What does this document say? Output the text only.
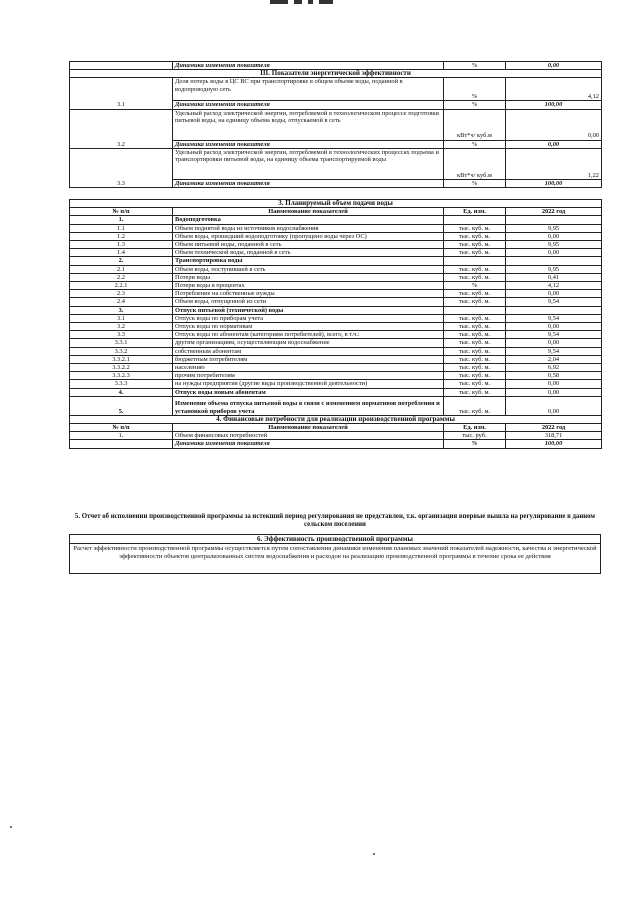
	Динамика изменения показателя	%	0,00
III. Показатели энергетической эффективности			
3.1	Доля потерь воды в ЦС ВС при транспортировке в общем объеме воды, поданной в водопроводную сеть	%	4,12
	Динамика изменения показателя	%	100,00
3.2	Удельный расход электрической энергии, потребляемой в технологическом процессе подготовки питьевой воды, на единицу объема воды, отпускаемой в сеть	кВт*ч/ куб.м	0,00
	Динамика изменения показателя	%	0,00
3.3	Удельный расход электрической энергии, потребляемой в технологических процессах подъема и транспортировки питьевой воды, на единицу объема транспортируемой воды	кВт*ч/ куб.м	1,22
	Динамика изменения показателя	%	100,00
3. Планируемый объем подачи воды			
№ п/п	Наименование показателей	Ед. изм.	2022 год
1.	Водоподготовка		
1.1	Объем поднятой воды из источников водоснабжения	тыс. куб. м.	9,95
1.2	Объем воды, прошедший водоподготовку (пропущено воды через ОС)	тыс. куб. м.	0,00
1.3	Объем питьевой воды, поданной в сеть	тыс. куб. м.	9,95
1.4	Объем технической воды, поданной в сеть	тыс. куб. м.	0,00
2.	Транспортировка воды		
2.1	Объем воды, поступившей в сеть	тыс. куб. м.	9,95
2.2	Потери воды	тыс. куб. м.	0,41
2.2.1	Потери воды в процентах	%	4,12
2.3	Потребление на собственные нужды	тыс. куб. м.	0,00
2.4	Объем воды, отпущенной из сети	тыс. куб. м.	9,54
3.	Отпуск питьевой (технической) воды		
3.1	Отпуск воды по приборам учета	тыс. куб. м.	9,54
3.2	Отпуск воды по нормативам	тыс. куб. м.	0,00
3.3	Отпуск воды по абонентам (категориям потребителей), всего, в т.ч.:	тыс. куб. м.	9,54
3.3.1	другим организациям, осуществляющим водоснабжение	тыс. куб. м.	0,00
3.3.2	собственным абонентам	тыс. куб. м.	9,54
3.3.2.1	бюджетным потребителям	тыс. куб. м.	2,04
3.3.2.2	населению	тыс. куб. м.	6,92
3.3.2.3	прочим потребителям	тыс. куб. м.	0,58
3.3.3	на нужды предприятия (другие виды производственной деятельности)	тыс. куб. м.	0,00
4.	Отпуск воды новым абонентам	тыс. куб. м.	0,00
5.	Изменение объема отпуска питьевой воды в связи с изменением нормативов потребления и установкой приборов учета	тыс. куб. м.	0,00
4. Финансовые потребности для реализации производственной программы			
№ п/п	Наименование показателей	Ед. изм.	2022 год
1.	Объем финансовых потребностей	тыс. руб.	318,71
	Динамика изменения показателя	%	100,00
5. Отчет об исполнении производственной программы за истекший период регулирования не представлен, т.к. организация впервые вышла на регулирование в данном сельском поселении
6. Эффективность производственной программы
Расчет эффективности производственной программы осуществляется путем сопоставления динамики изменения плановых значений показателей надежности, качества и энергетической эффективности объектов централизованных систем водоснабжения и расходов на реализацию производственной программы в течение срока ее действия
